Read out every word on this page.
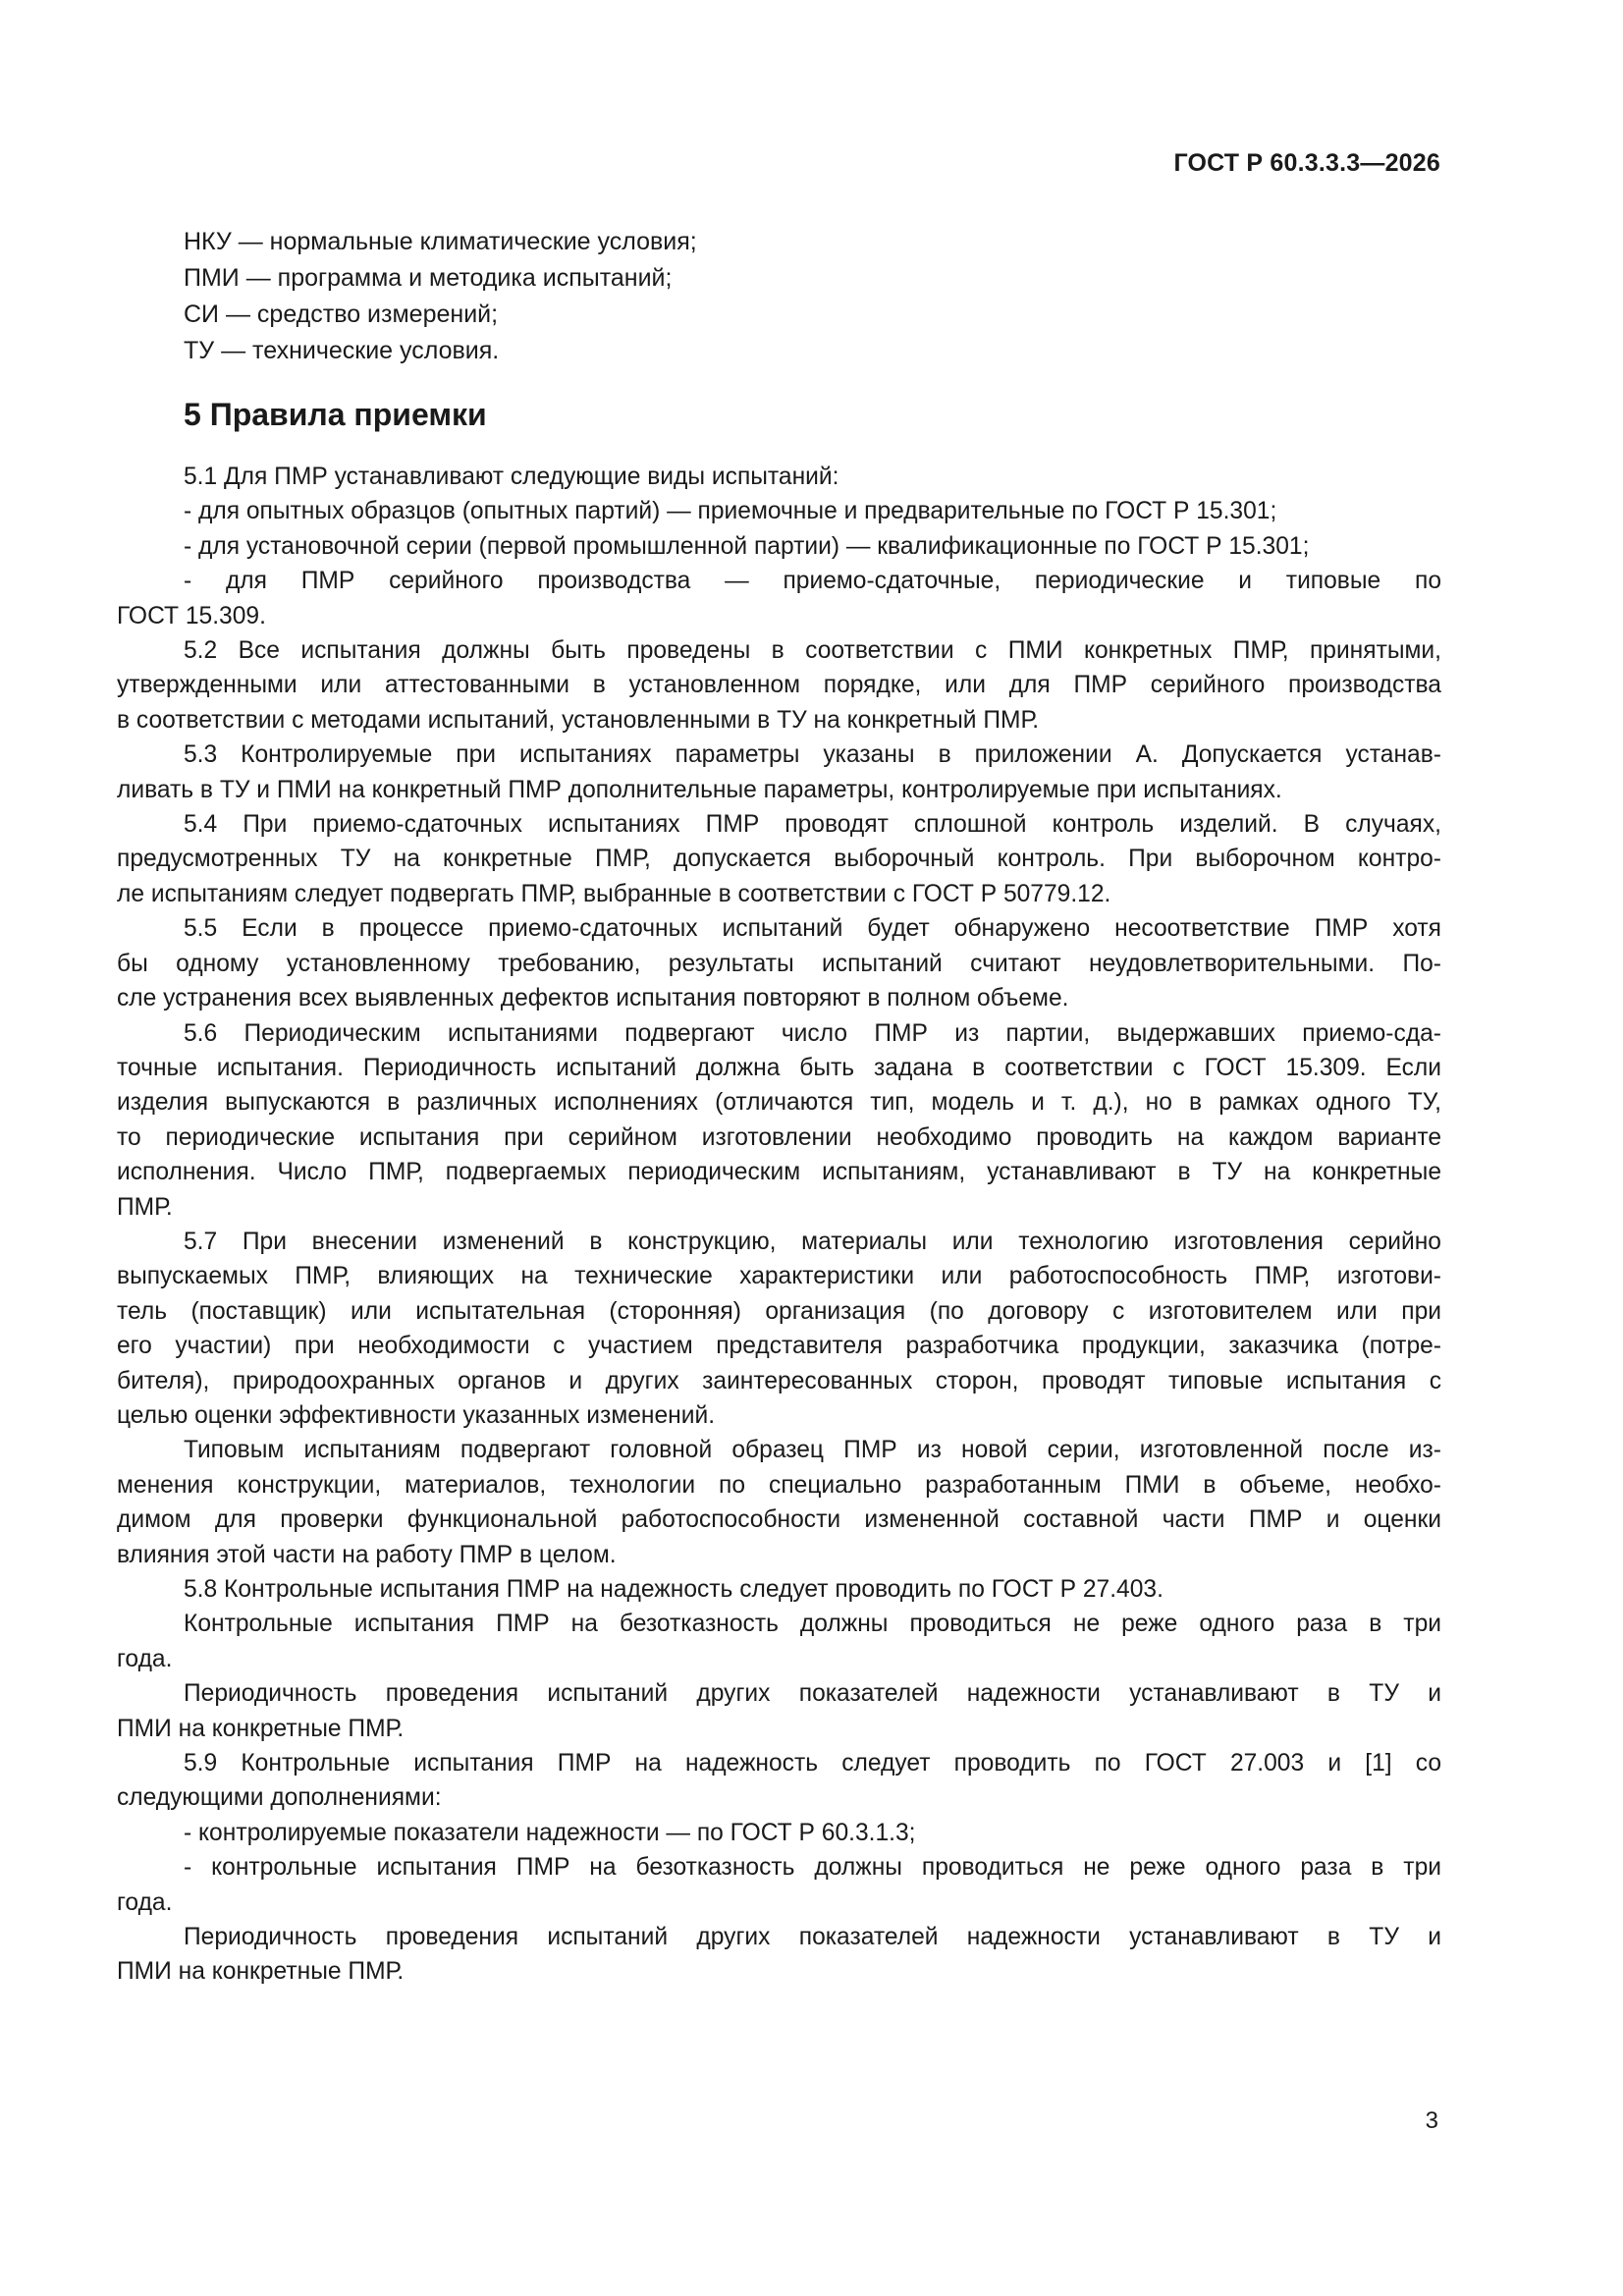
ГОСТ Р 60.3.3.3—2026
НКУ — нормальные климатические условия;
ПМИ — программа и методика испытаний;
СИ — средство измерений;
ТУ — технические условия.
5 Правила приемки

5.1 Для ПМР устанавливают следующие виды испытаний:

- для опытных образцов (опытных партий) — приемочные и предварительные по ГОСТ Р 15.301;

- для установочной серии (первой промышленной партии) — квалификационные по ГОСТ Р 15.301;

- для ПМР серийного производства — приемо-сдаточные, периодические и типовые по

ГОСТ 15.309.

5.2 Все испытания должны быть проведены в соответствии с ПМИ конкретных ПМР, принятыми,

утвержденными или аттестованными в установленном порядке, или для ПМР серийного производства

в соответствии с методами испытаний, установленными в ТУ на конкретный ПМР.

5.3 Контролируемые при испытаниях параметры указаны в приложении А. Допускается устанав-

ливать в ТУ и ПМИ на конкретный ПМР дополнительные параметры, контролируемые при испытаниях.

5.4 При приемо-сдаточных испытаниях ПМР проводят сплошной контроль изделий. В случаях,

предусмотренных ТУ на конкретные ПМР, допускается выборочный контроль. При выборочном контро-

ле испытаниям следует подвергать ПМР, выбранные в соответствии с ГОСТ Р 50779.12.

5.5 Если в процессе приемо-сдаточных испытаний будет обнаружено несоответствие ПМР хотя

бы одному установленному требованию, результаты испытаний считают неудовлетворительными. По-

сле устранения всех выявленных дефектов испытания повторяют в полном объеме.

5.6 Периодическим испытаниями подвергают число ПМР из партии, выдержавших приемо-сда-

точные испытания. Периодичность испытаний должна быть задана в соответствии с ГОСТ 15.309. Если

изделия выпускаются в различных исполнениях (отличаются тип, модель и т. д.), но в рамках одного ТУ,

то периодические испытания при серийном изготовлении необходимо проводить на каждом варианте

исполнения. Число ПМР, подвергаемых периодическим испытаниям, устанавливают в ТУ на конкретные

ПМР.

5.7 При внесении изменений в конструкцию, материалы или технологию изготовления серийно

выпускаемых ПМР, влияющих на технические характеристики или работоспособность ПМР, изготови-

тель (поставщик) или испытательная (сторонняя) организация (по договору с изготовителем или при

его участии) при необходимости с участием представителя разработчика продукции, заказчика (потре-

бителя), природоохранных органов и других заинтересованных сторон, проводят типовые испытания с

целью оценки эффективности указанных изменений.

Типовым испытаниям подвергают головной образец ПМР из новой серии, изготовленной после из-

менения конструкции, материалов, технологии по специально разработанным ПМИ в объеме, необхо-

димом для проверки функциональной работоспособности измененной составной части ПМР и оценки

влияния этой части на работу ПМР в целом.

5.8 Контрольные испытания ПМР на надежность следует проводить по ГОСТ Р 27.403.

Контрольные испытания ПМР на безотказность должны проводиться не реже одного раза в три

года.

Периодичность проведения испытаний других показателей надежности устанавливают в ТУ и

ПМИ на конкретные ПМР.

5.9 Контрольные испытания ПМР на надежность следует проводить по ГОСТ 27.003 и [1] со

следующими дополнениями:

- контролируемые показатели надежности — по ГОСТ Р 60.3.1.3;

- контрольные испытания ПМР на безотказность должны проводиться не реже одного раза в три

года.

Периодичность проведения испытаний других показателей надежности устанавливают в ТУ и

ПМИ на конкретные ПМР.

3
